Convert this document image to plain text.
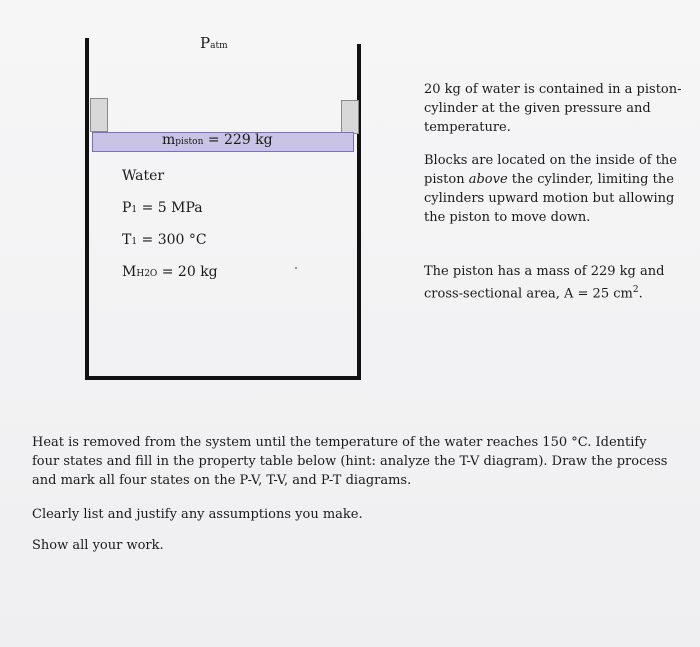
Patm
mpiston = 229 kg
Water
P1 = 5 MPa
T1 = 300 °C
MH2O = 20 kg

20 kg of water is contained in a piston-cylinder at the given pressure and temperature.

Blocks are located on the inside of the piston above the cylinder, limiting the cylinders upward motion but allowing the piston to move down.

The piston has a mass of 229 kg and cross-sectional area, A = 25 $cm^2$.

Heat is removed from the system until the temperature of the water reaches 150 °C. Identify four states and fill in the property table below (hint: analyze the T-V diagram). Draw the process and mark all four states on the P-V, T-V, and P-T diagrams.

Clearly list and justify any assumptions you make.

Show all your work.
